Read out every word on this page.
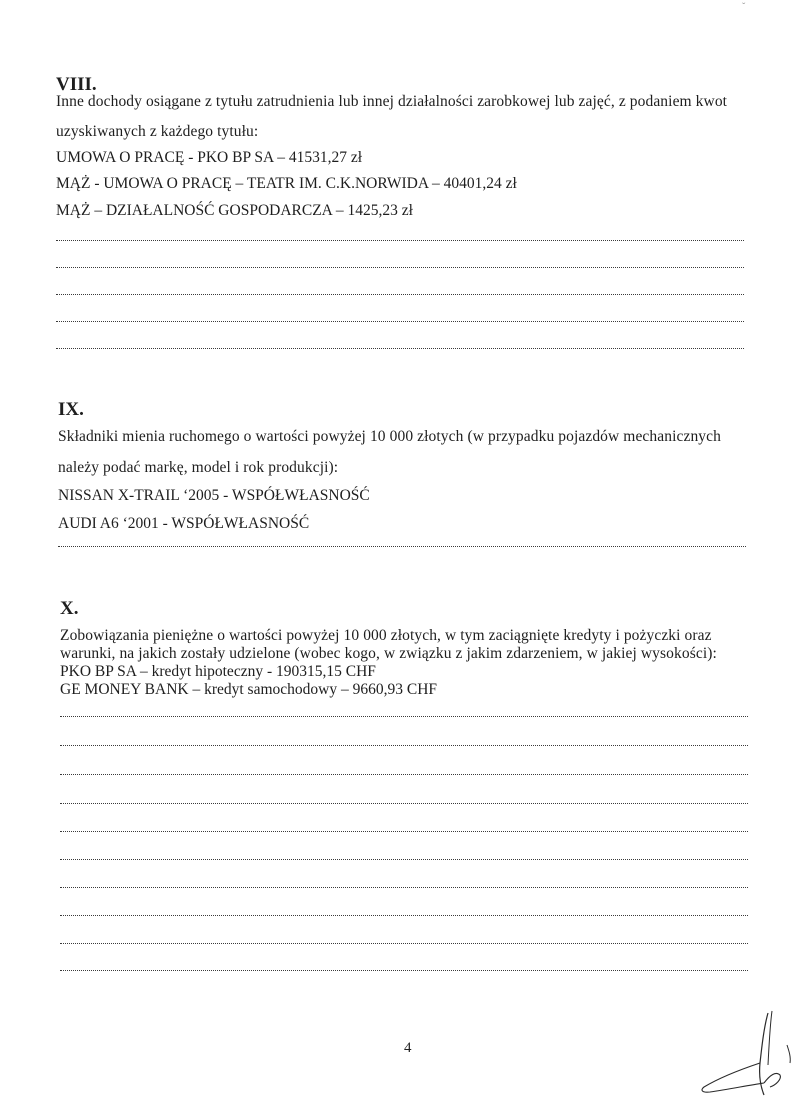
ˇ
VIII.
Inne dochody osiągane z tytułu zatrudnienia lub innej działalności zarobkowej lub zajęć, z podaniem kwot
uzyskiwanych z każdego tytułu:
UMOWA O PRACĘ - PKO BP SA – 41531,27 zł
MĄŻ - UMOWA O PRACĘ – TEATR IM. C.K.NORWIDA – 40401,24 zł
MĄŻ – DZIAŁALNOŚĆ GOSPODARCZA – 1425,23 zł
IX.
Składniki mienia ruchomego o wartości powyżej 10 000 złotych (w przypadku pojazdów mechanicznych
należy podać markę, model i rok produkcji):
NISSAN X-TRAIL ‘2005 - WSPÓŁWŁASNOŚĆ
AUDI A6 ‘2001 - WSPÓŁWŁASNOŚĆ
X.
Zobowiązania pieniężne o wartości powyżej 10 000 złotych, w tym zaciągnięte kredyty i pożyczki oraz
warunki, na jakich zostały udzielone (wobec kogo, w związku z jakim zdarzeniem, w jakiej wysokości):
PKO BP SA – kredyt hipoteczny - 190315,15 CHF
GE MONEY BANK – kredyt samochodowy – 9660,93 CHF
4
